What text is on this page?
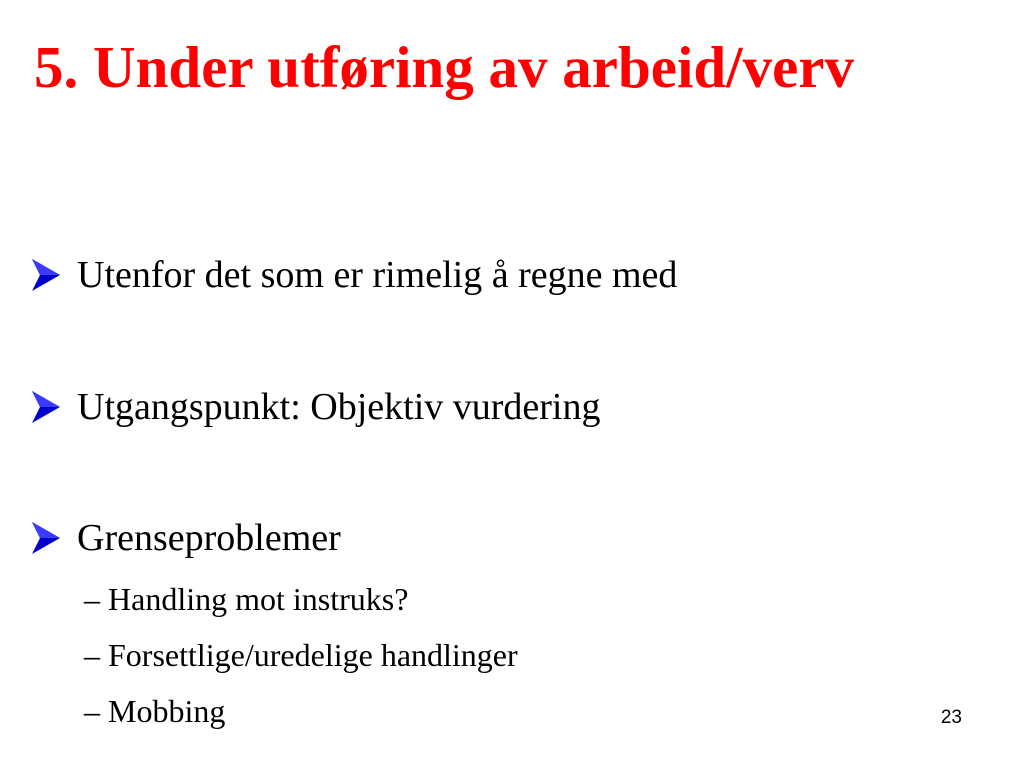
5. Under utføring av arbeid/verv
Utenfor det som er rimelig å regne med
Utgangspunkt: Objektiv vurdering
Grenseproblemer
– Handling mot instruks?
– Forsettlige/uredelige handlinger
– Mobbing	23
